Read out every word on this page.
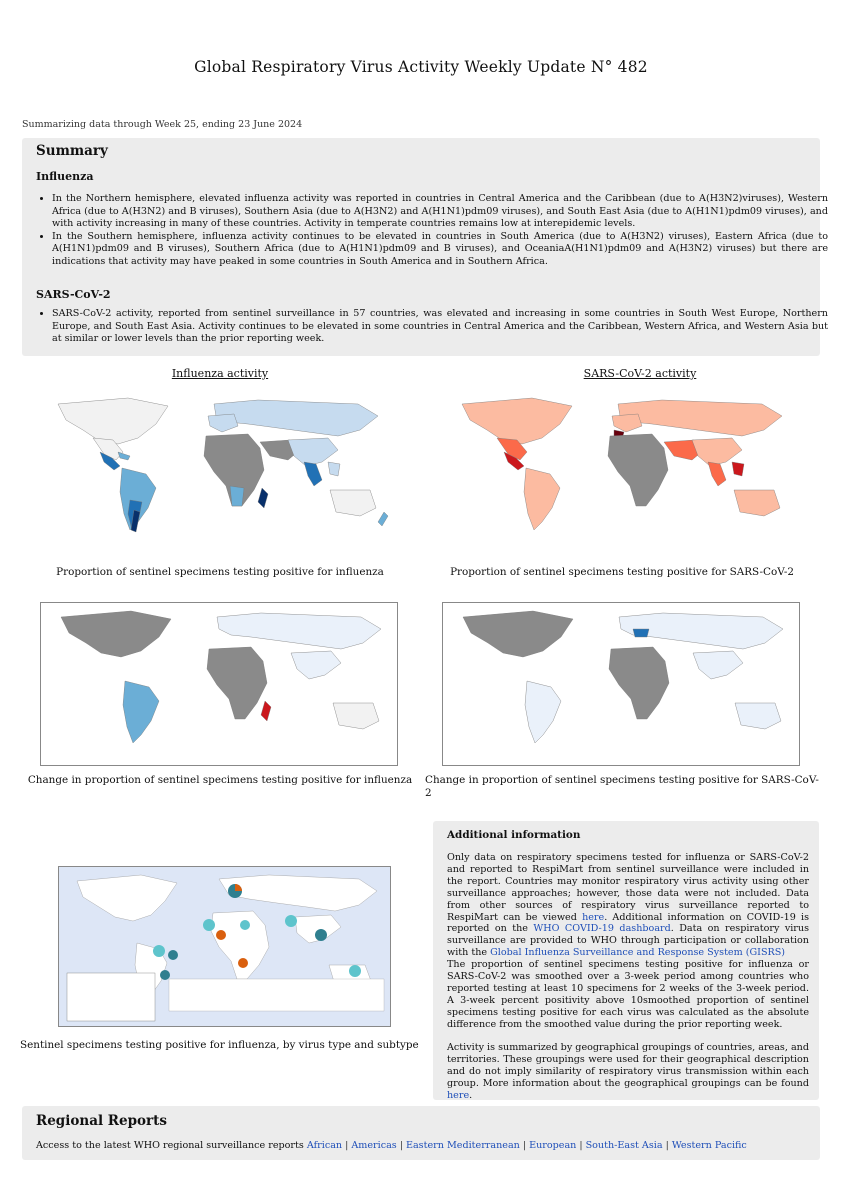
Global Respiratory Virus Activity Weekly Update N° 482
Summarizing data through Week 25, ending 23 June 2024
Summary
Influenza
• In the Northern hemisphere, elevated influenza activity was reported in countries in Central America and the Caribbean (due to A(H3N2)viruses), Western Africa (due to A(H3N2) and B viruses), Southern Asia (due to A(H3N2) and A(H1N1)pdm09 viruses), and South East Asia (due to A(H1N1)pdm09 viruses), and with activity increasing in many of these countries. Activity in temperate countries remains low at interepidemic levels.
• In the Southern hemisphere, influenza activity continues to be elevated in countries in South America (due to A(H3N2) viruses), Eastern Africa (due to A(H1N1)pdm09 and B viruses), Southern Africa (due to A(H1N1)pdm09 and B viruses), and OceaniaA(H1N1)pdm09 and A(H3N2) viruses) but there are indications that activity may have peaked in some countries in South America and in Southern Africa.
SARS-CoV-2
• SARS-CoV-2 activity, reported from sentinel surveillance in 57 countries, was elevated and increasing in some countries in South West Europe, Northern Europe, and South East Asia. Activity continues to be elevated in some countries in Central America and the Caribbean, Western Africa, and Western Asia but at similar or lower levels than the prior reporting week.
Influenza activity	SARS-CoV-2 activity
Proportion of sentinel specimens testing positive for influenza	Proportion of sentinel specimens testing positive for SARS-CoV-2
Change in proportion of sentinel specimens testing positive for influenza	Change in proportion of sentinel specimens testing positive for SARS-CoV-2
Sentinel specimens testing positive for influenza, by virus type and subtype
Additional information

Only data on respiratory specimens tested for influenza or SARS-CoV-2 and reported to RespiMart from sentinel surveillance were included in the report. Countries may monitor respiratory virus activity using other surveillance approaches; however, those data were not included. Data from other sources of respiratory virus surveillance reported to RespiMart can be viewed here. Additional information on COVID-19 is reported on the WHO COVID-19 dashboard. Data on respiratory virus surveillance are provided to WHO through participation or collaboration with the Global Influenza Surveillance and Response System (GISRS)

The proportion of sentinel specimens testing positive for influenza or SARS-CoV-2 was smoothed over a 3-week period among countries who reported testing at least 10 specimens for 2 weeks of the 3-week period. A 3-week percent positivity above 10smoothed proportion of sentinel specimens testing positive for each virus was calculated as the absolute difference from the smoothed value during the prior reporting week.

Activity is summarized by geographical groupings of countries, areas, and territories. These groupings were used for their geographical description and do not imply similarity of respiratory virus transmission within each group. More information about the geographical groupings can be found here.

Regional Reports
Access to the latest WHO regional surveillance reports African | Americas | Eastern Mediterranean | European | South-East Asia | Western Pacific
